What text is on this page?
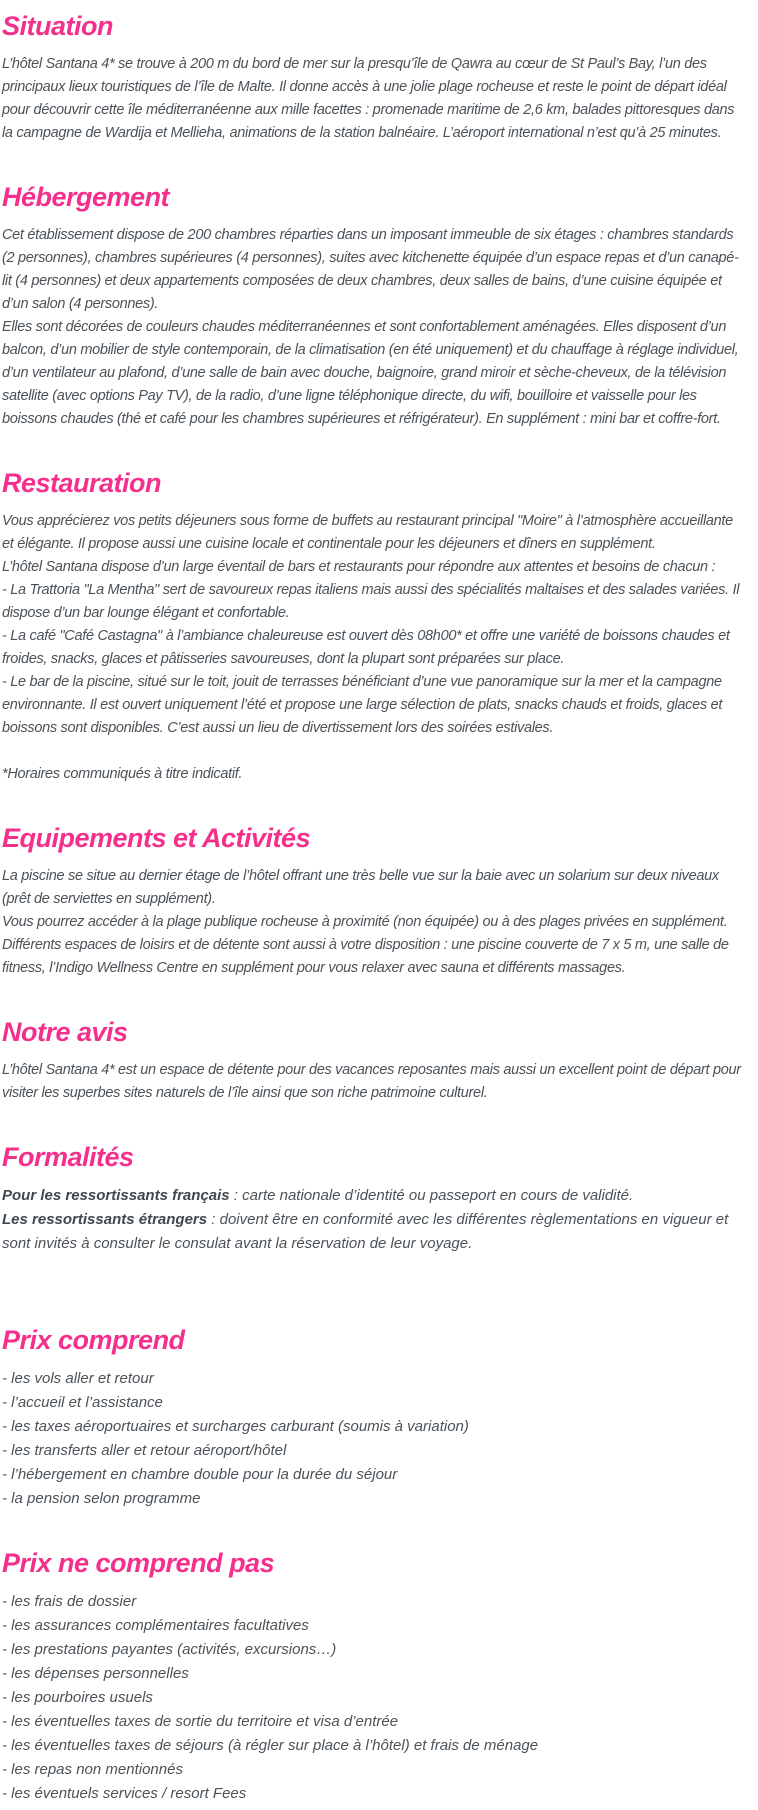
Situation

L’hôtel Santana 4* se trouve à 200 m du bord de mer sur la presqu’île de Qawra au cœur de St Paul’s Bay, l’un des principaux lieux touristiques de l’île de Malte. Il donne accès à une jolie plage rocheuse et reste le point de départ idéal pour découvrir cette île méditerranéenne aux mille facettes : promenade maritime de 2,6 km, balades pittoresques dans la campagne de Wardija et Mellieha, animations de la station balnéaire. L’aéroport international n’est qu’à 25 minutes.

Hébergement

Cet établissement dispose de 200 chambres réparties dans un imposant immeuble de six étages : chambres standards (2 personnes), chambres supérieures (4 personnes), suites avec kitchenette équipée d’un espace repas et d’un canapé-lit (4 personnes) et deux appartements composées de deux chambres, deux salles de bains, d’une cuisine équipée et d’un salon (4 personnes).

Elles sont décorées de couleurs chaudes méditerranéennes et sont confortablement aménagées. Elles disposent d’un balcon, d’un mobilier de style contemporain, de la climatisation (en été uniquement) et du chauffage à réglage individuel, d’un ventilateur au plafond, d’une salle de bain avec douche, baignoire, grand miroir et sèche-cheveux, de la télévision satellite (avec options Pay TV), de la radio, d’une ligne téléphonique directe, du wifi, bouilloire et vaisselle pour les boissons chaudes (thé et café pour les chambres supérieures et réfrigérateur). En supplément : mini bar et coffre-fort.

Restauration

Vous apprécierez vos petits déjeuners sous forme de buffets au restaurant principal "Moire" à l’atmosphère accueillante et élégante. Il propose aussi une cuisine locale et continentale pour les déjeuners et dîners en supplément.

L’hôtel Santana dispose d’un large éventail de bars et restaurants pour répondre aux attentes et besoins de chacun :

- La Trattoria "La Mentha" sert de savoureux repas italiens mais aussi des spécialités maltaises et des salades variées. Il dispose d’un bar lounge élégant et confortable.

- La café "Café Castagna" à l’ambiance chaleureuse est ouvert dès 08h00* et offre une variété de boissons chaudes et froides, snacks, glaces et pâtisseries savoureuses, dont la plupart sont préparées sur place.

- Le bar de la piscine, situé sur le toit, jouit de terrasses bénéficiant d’une vue panoramique sur la mer et la campagne environnante. Il est ouvert uniquement l’été et propose une large sélection de plats, snacks chauds et froids, glaces et boissons sont disponibles. C’est aussi un lieu de divertissement lors des soirées estivales.

*Horaires communiqués à titre indicatif.

Equipements et Activités

La piscine se situe au dernier étage de l’hôtel offrant une très belle vue sur la baie avec un solarium sur deux niveaux (prêt de serviettes en supplément).

Vous pourrez accéder à la plage publique rocheuse à proximité (non équipée) ou à des plages privées en supplément.

Différents espaces de loisirs et de détente sont aussi à votre disposition : une piscine couverte de 7 x 5 m, une salle de fitness, l’Indigo Wellness Centre en supplément pour vous relaxer avec sauna et différents massages.

Notre avis

L’hôtel Santana 4* est un espace de détente pour des vacances reposantes mais aussi un excellent point de départ pour visiter les superbes sites naturels de l’île ainsi que son riche patrimoine culturel.

Formalités

Pour les ressortissants français : carte nationale d’identité ou passeport en cours de validité.

Les ressortissants étrangers : doivent être en conformité avec les différentes règlementations en vigueur et sont invités à consulter le consulat avant la réservation de leur voyage.

Prix comprend

- les vols aller et retour

- l’accueil et l’assistance

- les taxes aéroportuaires et surcharges carburant (soumis à variation)

- les transferts aller et retour aéroport/hôtel

- l’hébergement en chambre double pour la durée du séjour

- la pension selon programme

Prix ne comprend pas

- les frais de dossier

- les assurances complémentaires facultatives

- les prestations payantes (activités, excursions…)

- les dépenses personnelles

- les pourboires usuels

- les éventuelles taxes de sortie du territoire et visa d’entrée

- les éventuelles taxes de séjours (à régler sur place à l’hôtel) et frais de ménage

- les repas non mentionnés

- les éventuels services / resort Fees
